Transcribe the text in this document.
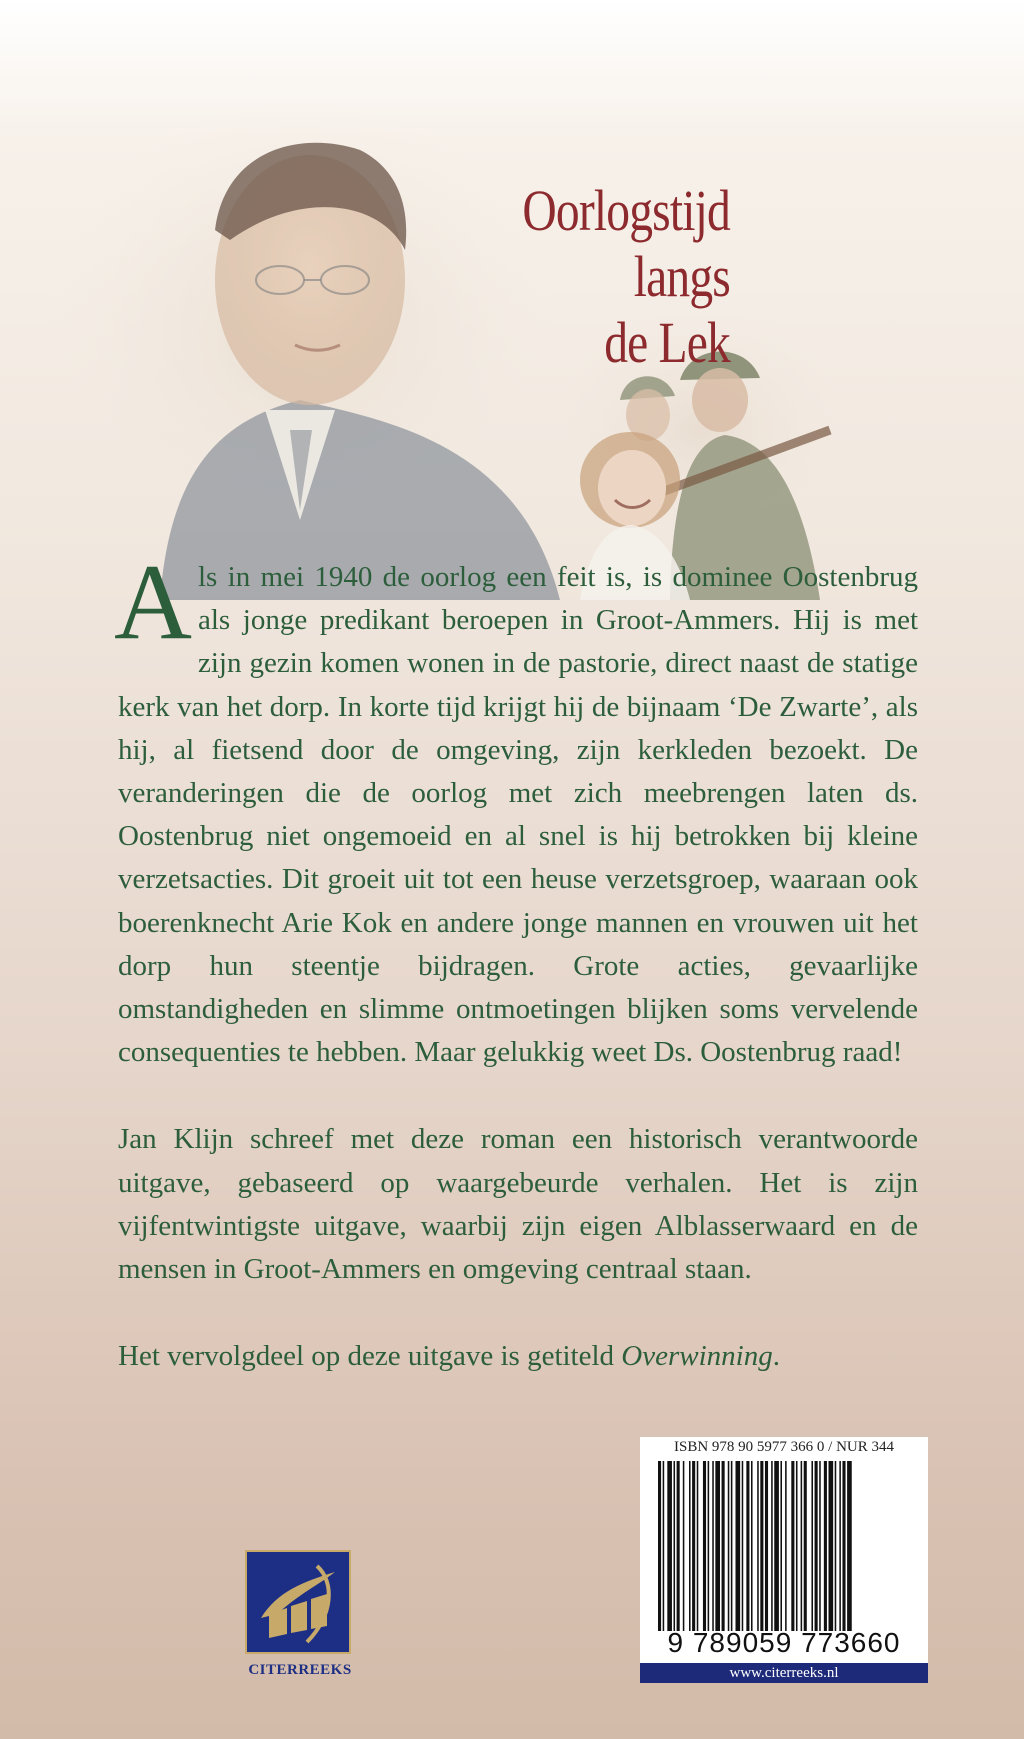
Oorlogstijd
langs
de Lek

Als in mei 1940 de oorlog een feit is, is dominee Oostenbrug als jonge predikant beroepen in Groot-Ammers. Hij is met zijn gezin komen wonen in de pastorie, direct naast de statige kerk van het dorp. In korte tijd krijgt hij de bijnaam ‘De Zwarte’, als hij, al fietsend door de omgeving, zijn kerkleden bezoekt. De veranderingen die de oorlog met zich meebrengen laten ds. Oostenbrug niet ongemoeid en al snel is hij betrokken bij kleine verzetsacties. Dit groeit uit tot een heuse verzetsgroep, waaraan ook boerenknecht Arie Kok en andere jonge mannen en vrouwen uit het dorp hun steentje bijdragen. Grote acties, gevaarlijke omstandigheden en slimme ontmoetingen blijken soms vervelende consequenties te hebben. Maar gelukkig weet Ds. Oostenbrug raad!

Jan Klijn schreef met deze roman een historisch verantwoorde uitgave, gebaseerd op waargebeurde verhalen. Het is zijn vijfentwintigste uitgave, waarbij zijn eigen Alblasserwaard en de mensen in Groot-Ammers en omgeving centraal staan.

Het vervolgdeel op deze uitgave is getiteld Overwinning.

CITERREEKS
ISBN 978 90 5977 366 0 / NUR 344
9 789059 773660
www.citerreeks.nl
